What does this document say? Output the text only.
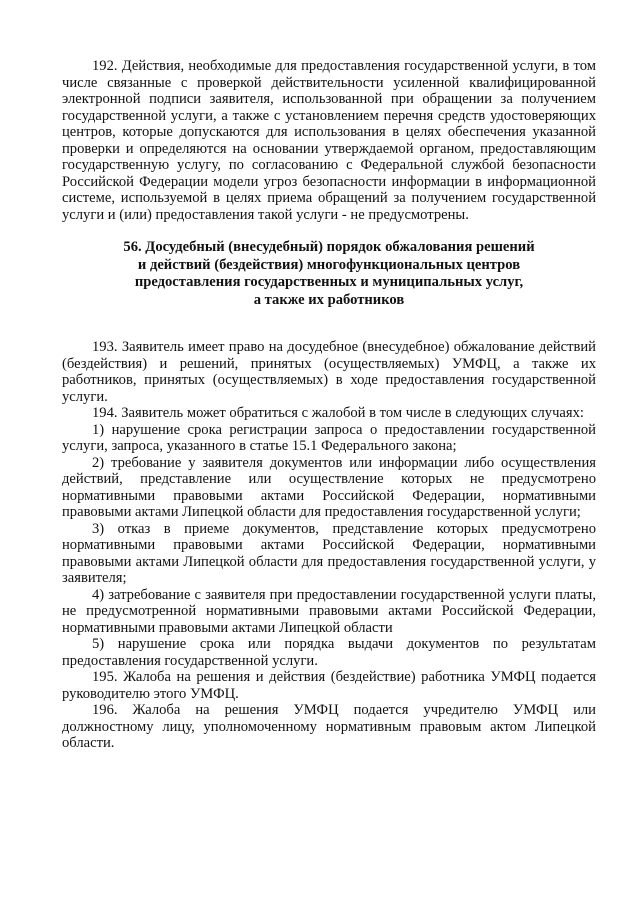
192. Действия, необходимые для предоставления государственной услуги, в том числе связанные с проверкой действительности усиленной квалифицированной электронной подписи заявителя, использованной при обращении за получением государственной услуги, а также с установлением перечня средств удостоверяющих центров, которые допускаются для использования в целях обеспечения указанной проверки и определяются на основании утверждаемой органом, предоставляющим государственную услугу, по согласованию с Федеральной службой безопасности Российской Федерации модели угроз безопасности информации в информационной системе, используемой в целях приема обращений за получением государственной услуги и (или) предоставления такой услуги - не предусмотрены.

56. Досудебный (внесудебный) порядок обжалования решений
и действий (бездействия) многофункциональных центров
предоставления государственных и муниципальных услуг,
а также их работников

193. Заявитель имеет право на досудебное (внесудебное) обжалование действий (бездействия) и решений, принятых (осуществляемых) УМФЦ, а также их работников, принятых (осуществляемых) в ходе предоставления государственной услуги.

194. Заявитель может обратиться с жалобой в том числе в следующих случаях:

1) нарушение срока регистрации запроса о предоставлении государственной услуги, запроса, указанного в статье 15.1 Федерального закона;

2) требование у заявителя документов или информации либо осуществления действий, представление или осуществление которых не предусмотрено нормативными правовыми актами Российской Федерации, нормативными правовыми актами Липецкой области для предоставления государственной услуги;

3) отказ в приеме документов, представление которых предусмотрено нормативными правовыми актами Российской Федерации, нормативными правовыми актами Липецкой области для предоставления государственной услуги, у заявителя;

4) затребование с заявителя при предоставлении государственной услуги платы, не предусмотренной нормативными правовыми актами Российской Федерации, нормативными правовыми актами Липецкой области

5) нарушение срока или порядка выдачи документов по результатам предоставления государственной услуги.

195. Жалоба на решения и действия (бездействие) работника УМФЦ подается руководителю этого УМФЦ.

196. Жалоба на решения УМФЦ подается учредителю УМФЦ или должностному лицу, уполномоченному нормативным правовым актом Липецкой области.
